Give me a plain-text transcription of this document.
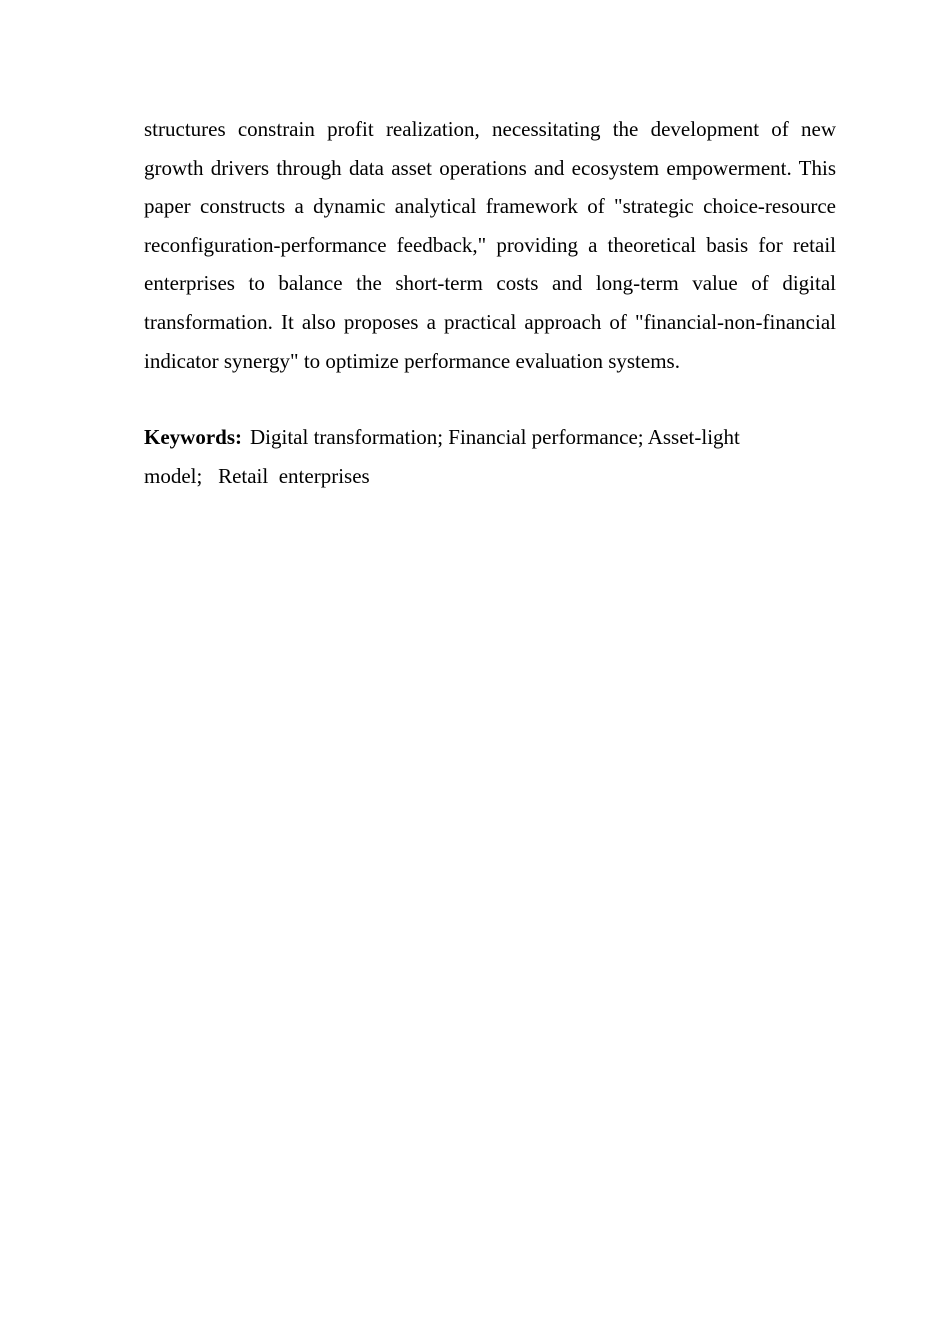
structures constrain profit realization, necessitating the development of new growth drivers through data asset operations and ecosystem empowerment. This paper constructs a dynamic analytical framework of "strategic choice-resource reconfiguration-performance feedback," providing a theoretical basis for retail enterprises to balance the short-term costs and long-term value of digital transformation. It also proposes a practical approach of "financial-non-financial indicator synergy" to optimize performance evaluation systems.

Keywords: Digital transformation; Financial performance; Asset-light model;   Retail  enterprises
